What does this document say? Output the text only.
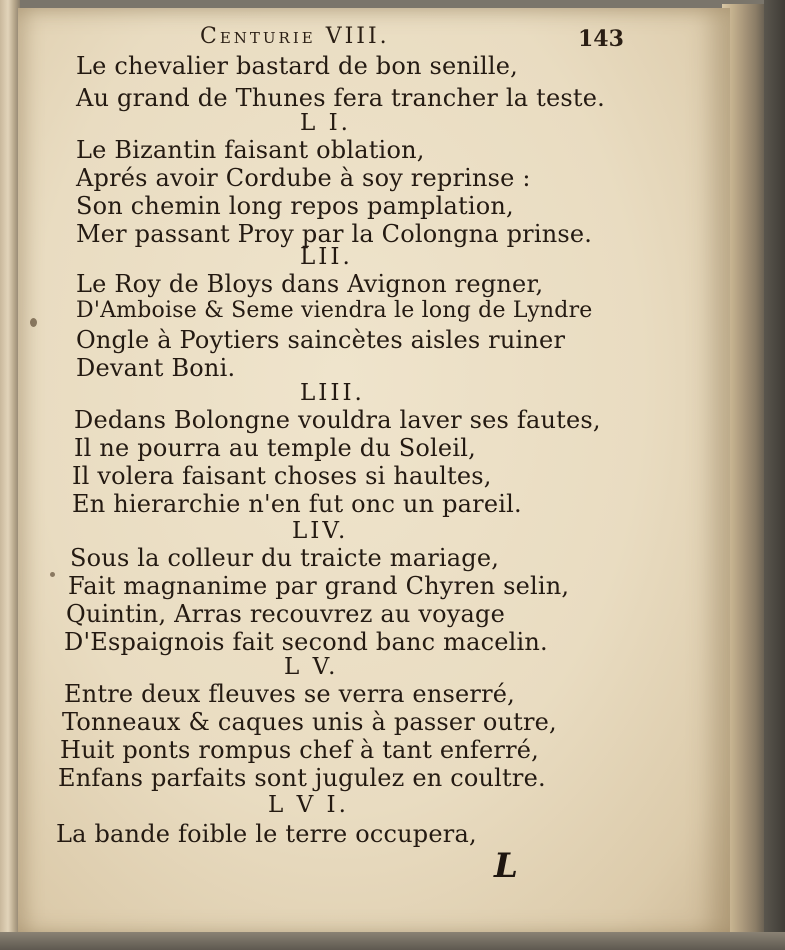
Centurie VIII.	143
Le chevalier bastard de bon senille,
Au grand de Thunes fera trancher la teste.
L I.
Le Bizantin faisant oblation,
Aprés avoir Cordube à soy reprinse :
Son chemin long repos pamplation,
Mer passant Proy par la Colongna prinse.
LII.
Le Roy de Bloys dans Avignon regner,
D'Amboise & Seme viendra le long de Lyndre
Ongle à Poytiers saincètes aisles ruiner
Devant Boni.
LIII.
Dedans Bolongne vouldra laver ses fautes,
Il ne pourra au temple du Soleil,
Il volera faisant choses si haultes,
En hierarchie n'en fut onc un pareil.
LIV.
Sous la colleur du traicte mariage,
Fait magnanime par grand Chyren selin,
Quintin, Arras recouvrez au voyage
D'Espaignois fait second banc macelin.
L V.
Entre deux fleuves se verra enserré,
Tonneaux & caques unis à passer outre,
Huit ponts rompus chef à tant enferré,
Enfans parfaits sont jugulez en coultre.
L V I.
La bande foible le terre occupera,
L
